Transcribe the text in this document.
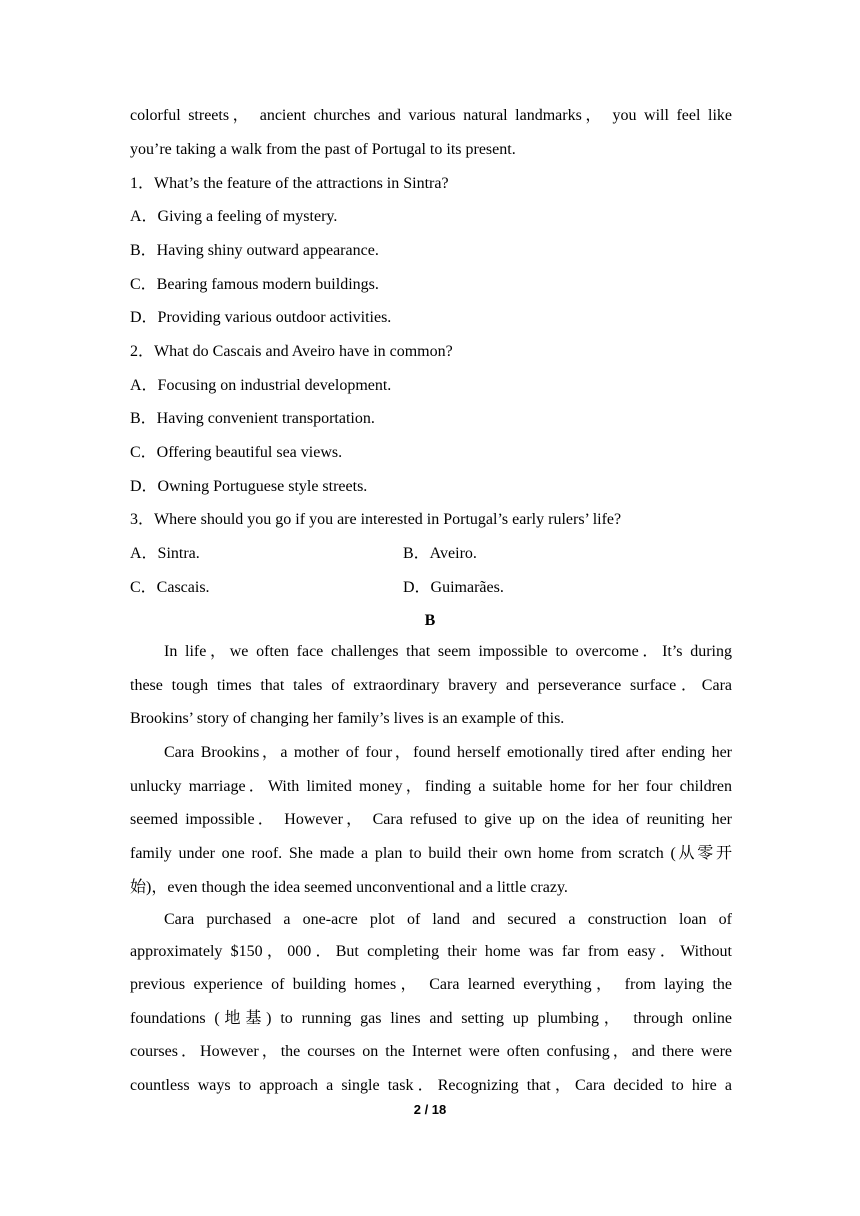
colorful streets， ancient churches and various natural landmarks， you will feel like
you’re taking a walk from the past of Portugal to its present.
1．What’s the feature of the attractions in Sintra?
A．Giving a feeling of mystery.
B．Having shiny outward appearance.
C．Bearing famous modern buildings.
D．Providing various outdoor activities.
2．What do Cascais and Aveiro have in common?
A．Focusing on industrial development.
B．Having convenient transportation.
C．Offering beautiful sea views.
D．Owning Portuguese style streets.
3．Where should you go if you are interested in Portugal’s early rulers’ life?
A．Sintra.	B．Aveiro.
C．Cascais.	D．Guimarães.
B
In life，we often face challenges that seem impossible to overcome．It’s during
these tough times that tales of extraordinary bravery and perseverance surface．Cara
Brookins’ story of changing her family’s lives is an example of this.
Cara Brookins，a mother of four，found herself emotionally tired after ending her
unlucky marriage．With limited money，finding a suitable home for her four children
seemed impossible． However， Cara refused to give up on the idea of reuniting her
family under one roof. She made a plan to build their own home from scratch (从零开
始)，even though the idea seemed unconventional and a little crazy.
Cara purchased a one-acre plot of land and secured a construction loan of
approximately $150，000．But completing their home was far from easy．Without
previous experience of building homes， Cara learned everything， from laying the
foundations (地基) to running gas lines and setting up plumbing， through online
courses．However，the courses on the Internet were often confusing，and there were
countless ways to approach a single task．Recognizing that，Cara decided to hire a
2 / 18
